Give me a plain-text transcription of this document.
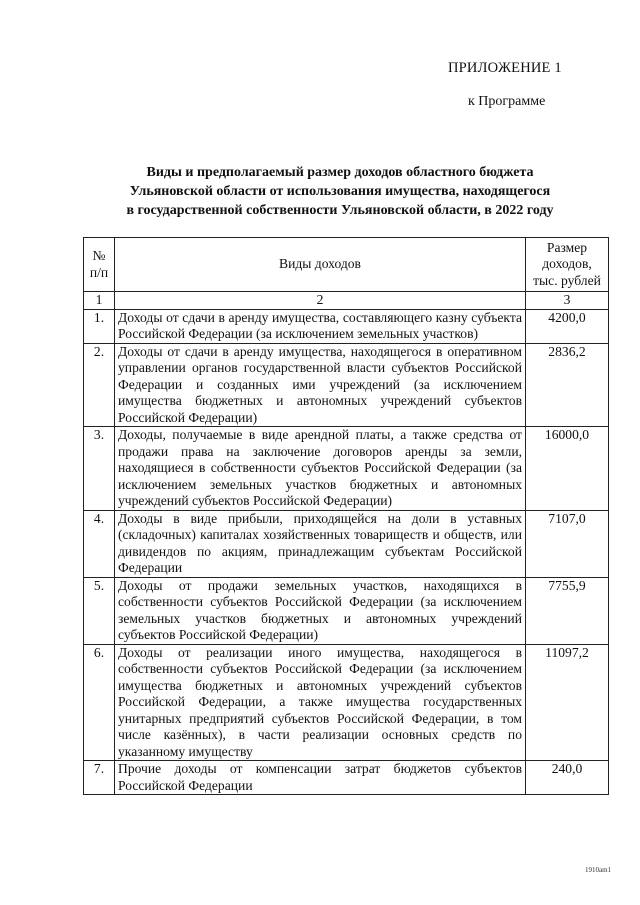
ПРИЛОЖЕНИЕ 1
к Программе
Виды и предполагаемый размер доходов областного бюджета
Ульяновской области от использования имущества, находящегося
в государственной собственности Ульяновской области, в 2022 году
№ п/п	Виды доходов	Размер доходов, тыс. рублей
1	2	3
1.	Доходы от сдачи в аренду имущества, составляющего казну субъекта Российской Федерации (за исключением земельных участков)	4200,0
2.	Доходы от сдачи в аренду имущества, находящегося в оперативном управлении органов государственной власти субъектов Российской Федерации и созданных ими учреждений (за исключением имущества бюджетных и автономных учреждений субъектов Российской Федерации)	2836,2
3.	Доходы, получаемые в виде арендной платы, а также средства от продажи права на заключение договоров аренды за земли, находящиеся в собственности субъектов Российской Федерации (за исключением земельных участков бюджетных и автономных учреждений субъектов Российской Федерации)	16000,0
4.	Доходы в виде прибыли, приходящейся на доли в уставных (складочных) капиталах хозяйственных товариществ и обществ, или дивидендов по акциям, принадлежащим субъектам Российской Федерации	7107,0
5.	Доходы от продажи земельных участков, находящихся в собственности субъектов Российской Федерации (за исключением земельных участков бюджетных и автономных учреждений субъектов Российской Федерации)	7755,9
6.	Доходы от реализации иного имущества, находящегося в собственности субъектов Российской Федерации (за исключением имущества бюджетных и автономных учреждений субъектов Российской Федерации, а также имущества государственных унитарных предприятий субъектов Российской Федерации, в том числе казённых), в части реализации основных средств по указанному имуществу	11097,2
7.	Прочие доходы от компенсации затрат бюджетов субъектов Российской Федерации	240,0
1910am1
